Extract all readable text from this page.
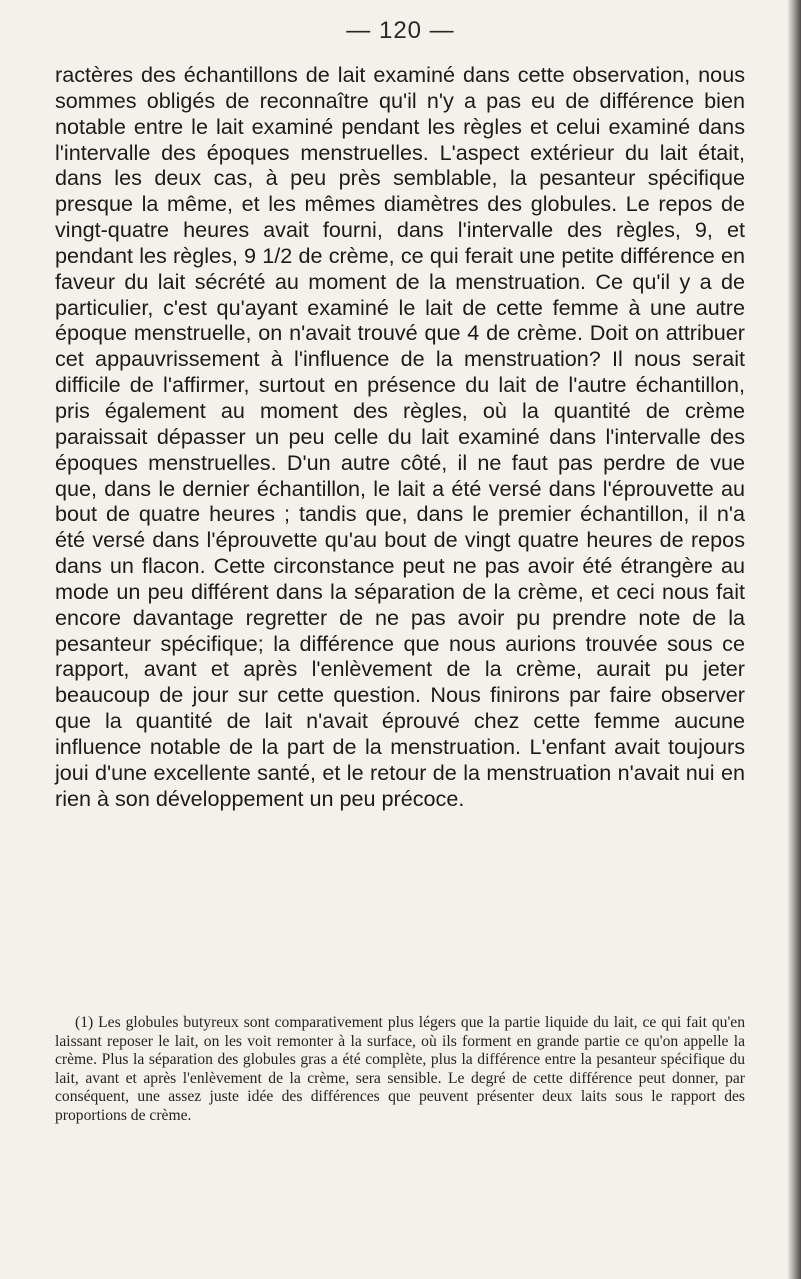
— 120 —

ractères des échantillons de lait examiné dans cette observation, nous sommes obligés de reconnaître qu'il n'y a pas eu de différence bien notable entre le lait examiné pendant les règles et celui examiné dans l'intervalle des époques menstruelles. L'aspect extérieur du lait était, dans les deux cas, à peu près semblable, la pesanteur spécifique presque la même, et les mêmes diamètres des globules. Le repos de vingt-quatre heures avait fourni, dans l'intervalle des règles, 9, et pendant les règles, 9 1/2 de crème, ce qui ferait une petite différence en faveur du lait sécrété au moment de la menstruation. Ce qu'il y a de particulier, c'est qu'ayant examiné le lait de cette femme à une autre époque menstruelle, on n'avait trouvé que 4 de crème. Doit on attribuer cet appauvrissement à l'influence de la menstruation? Il nous serait difficile de l'affirmer, surtout en présence du lait de l'autre échantillon, pris également au moment des règles, où la quantité de crème paraissait dépasser un peu celle du lait examiné dans l'intervalle des époques menstruelles. D'un autre côté, il ne faut pas perdre de vue que, dans le dernier échantillon, le lait a été versé dans l'éprouvette au bout de quatre heures ; tandis que, dans le premier échantillon, il n'a été versé dans l'éprouvette qu'au bout de vingt quatre heures de repos dans un flacon. Cette circonstance peut ne pas avoir été étrangère au mode un peu différent dans la séparation de la crème, et ceci nous fait encore davantage regretter de ne pas avoir pu prendre note de la pesanteur spécifique; la différence que nous aurions trouvée sous ce rapport, avant et après l'enlèvement de la crème, aurait pu jeter beaucoup de jour sur cette question. Nous finirons par faire observer que la quantité de lait n'avait éprouvé chez cette femme aucune influence notable de la part de la menstruation. L'enfant avait toujours joui d'une excellente santé, et le retour de la menstruation n'avait nui en rien à son développement un peu précoce.

(1) Les globules butyreux sont comparativement plus légers que la partie liquide du lait, ce qui fait qu'en laissant reposer le lait, on les voit remonter à la surface, où ils forment en grande partie ce qu'on appelle la crème. Plus la séparation des globules gras a été complète, plus la différence entre la pesanteur spécifique du lait, avant et après l'enlèvement de la crème, sera sensible. Le degré de cette différence peut donner, par conséquent, une assez juste idée des différences que peuvent présenter deux laits sous le rapport des proportions de crème.
